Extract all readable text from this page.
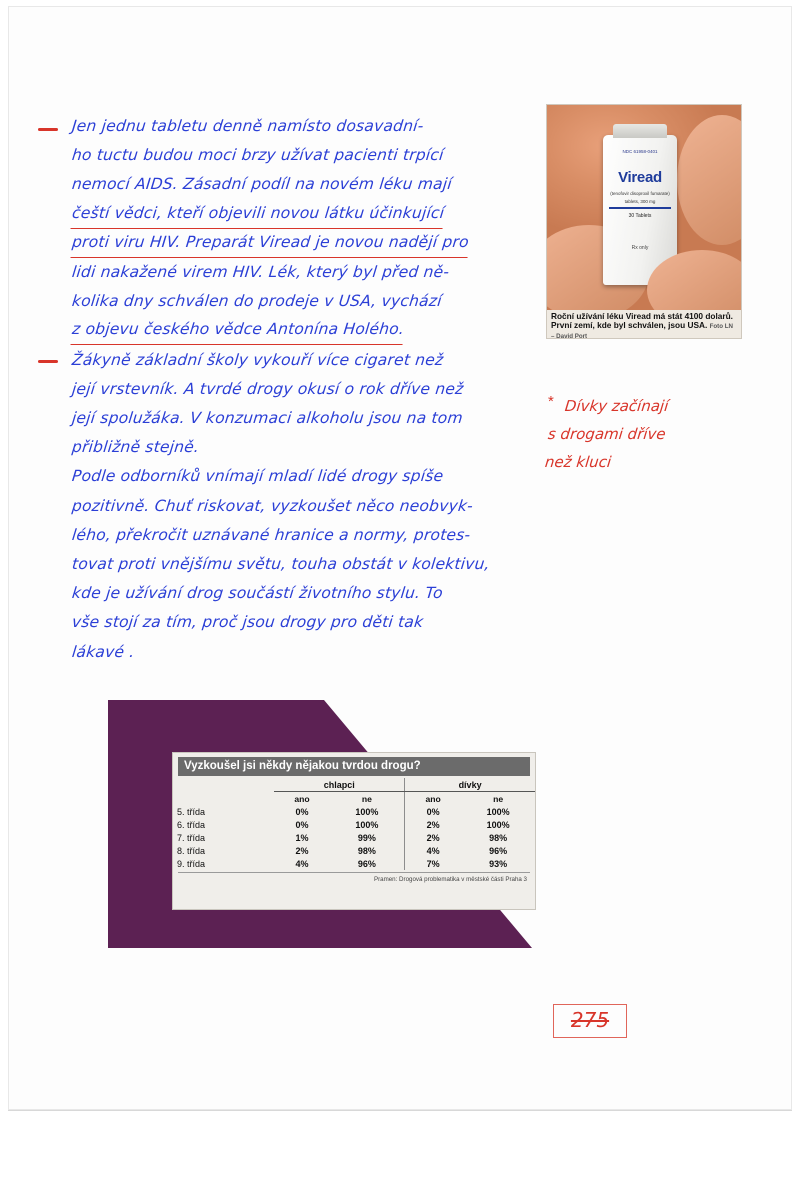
Jen jednu tabletu denně namísto dosavadní-
ho tuctu budou moci brzy užívat pacienti trpící
nemocí AIDS. Zásadní podíl na novém léku mají
čeští vědci, kteří objevili novou látku účinkující
proti viru HIV. Preparát Viread je novou nadějí pro
lidi nakažené virem HIV. Lék, který byl před ně-
kolika dny schválen do prodeje v USA, vychází
z objevu českého vědce Antonína Holého.
Žákyně základní školy vykouří více cigaret než
její vrstevník. A tvrdé drogy okusí o rok dříve než
její spolužáka. V konzumaci alkoholu jsou na tom
přibližně stejně.
Podle odborníků vnímají mladí lidé drogy spíše
pozitivně. Chuť riskovat, vyzkoušet něco neobvyk-
lého, překročit uznávané hranice a normy, protes-
tovat proti vnějšímu světu, touha obstát v kolektivu,
kde je užívání drog součástí životního stylu. To
vše stojí za tím, proč jsou drogy pro děti tak
lákavé .
* Dívky začínají
s drogami dříve
než kluci
NDC 61958-0401
Viread
(tenofovir disoproxil fumarate)
tablets, 300 mg
30 Tablets
Rx only
Roční užívání léku Viread má stát 4100 dolarů. První zemí, kde byl schválen, jsou USA. Foto LN – David Port
Vyzkoušel jsi někdy nějakou tvrdou drogu?
	chlapci		dívky	
	ano	ne	ano	ne
5. třída	0%	100%	0%	100%
6. třída	0%	100%	2%	100%
7. třída	1%	99%	2%	98%
8. třída	2%	98%	4%	96%
9. třída	4%	96%	7%	93%
Pramen: Drogová problematika v městské části Praha 3
275
